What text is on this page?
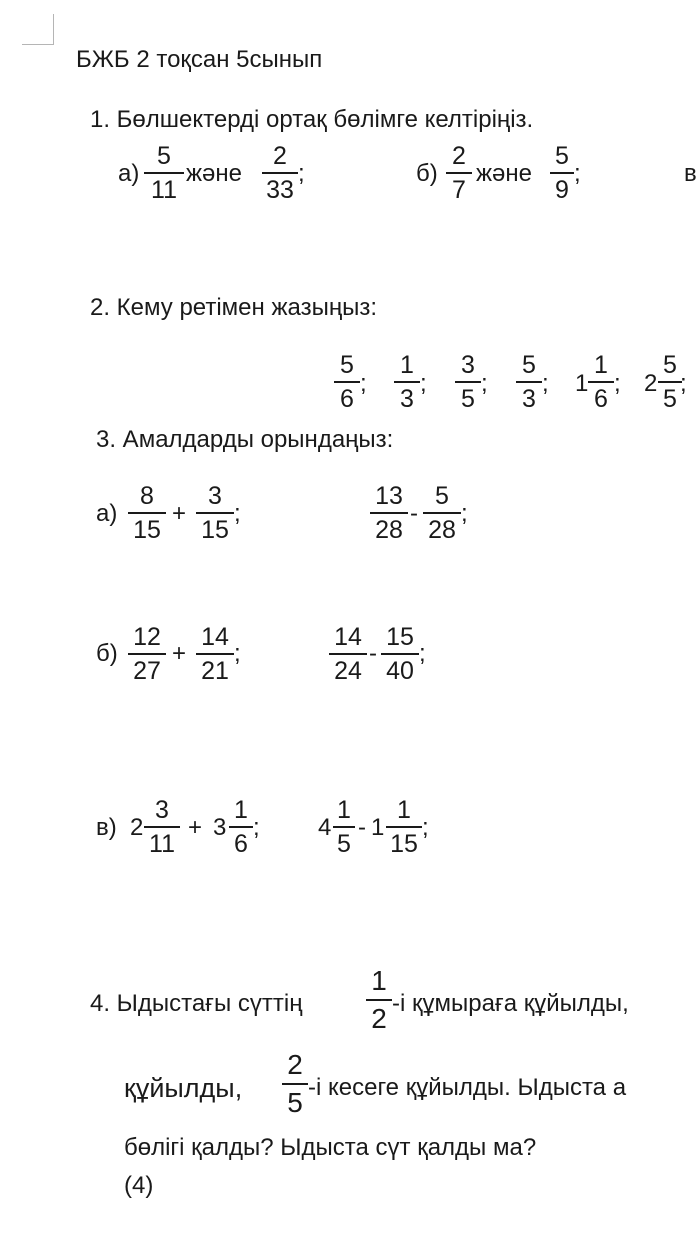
БЖБ 2 тоқсан 5сынып
1. Бөлшектерді ортақ бөлімге келтіріңіз.
а)
5
11
және
2
33
;	б)
2
7
және
5
9
;	в
2. Кему ретімен жазыңыз:
5
6
;
1
3
;
3
5
;
5
3
; 1
1
6
; 2
5
5
;
3. Амалдарды орындаңыз:
а)
8
15
+
3
15
;
13
28
-
5
28
;
б)
12
27
+
14
21
;
14
24
-
15
40
;
в) 2
3
11
+ 3
1
6
; 4
1
5
- 1
1
15
;
4. Ыдыстағы сүттің
1
2 -і құмыраға құйылды,
құйылды,
2
5 -і кесеге құйылды. Ыдыста а
бөлігі қалды? Ыдыста сүт қалды ма?
(4)
